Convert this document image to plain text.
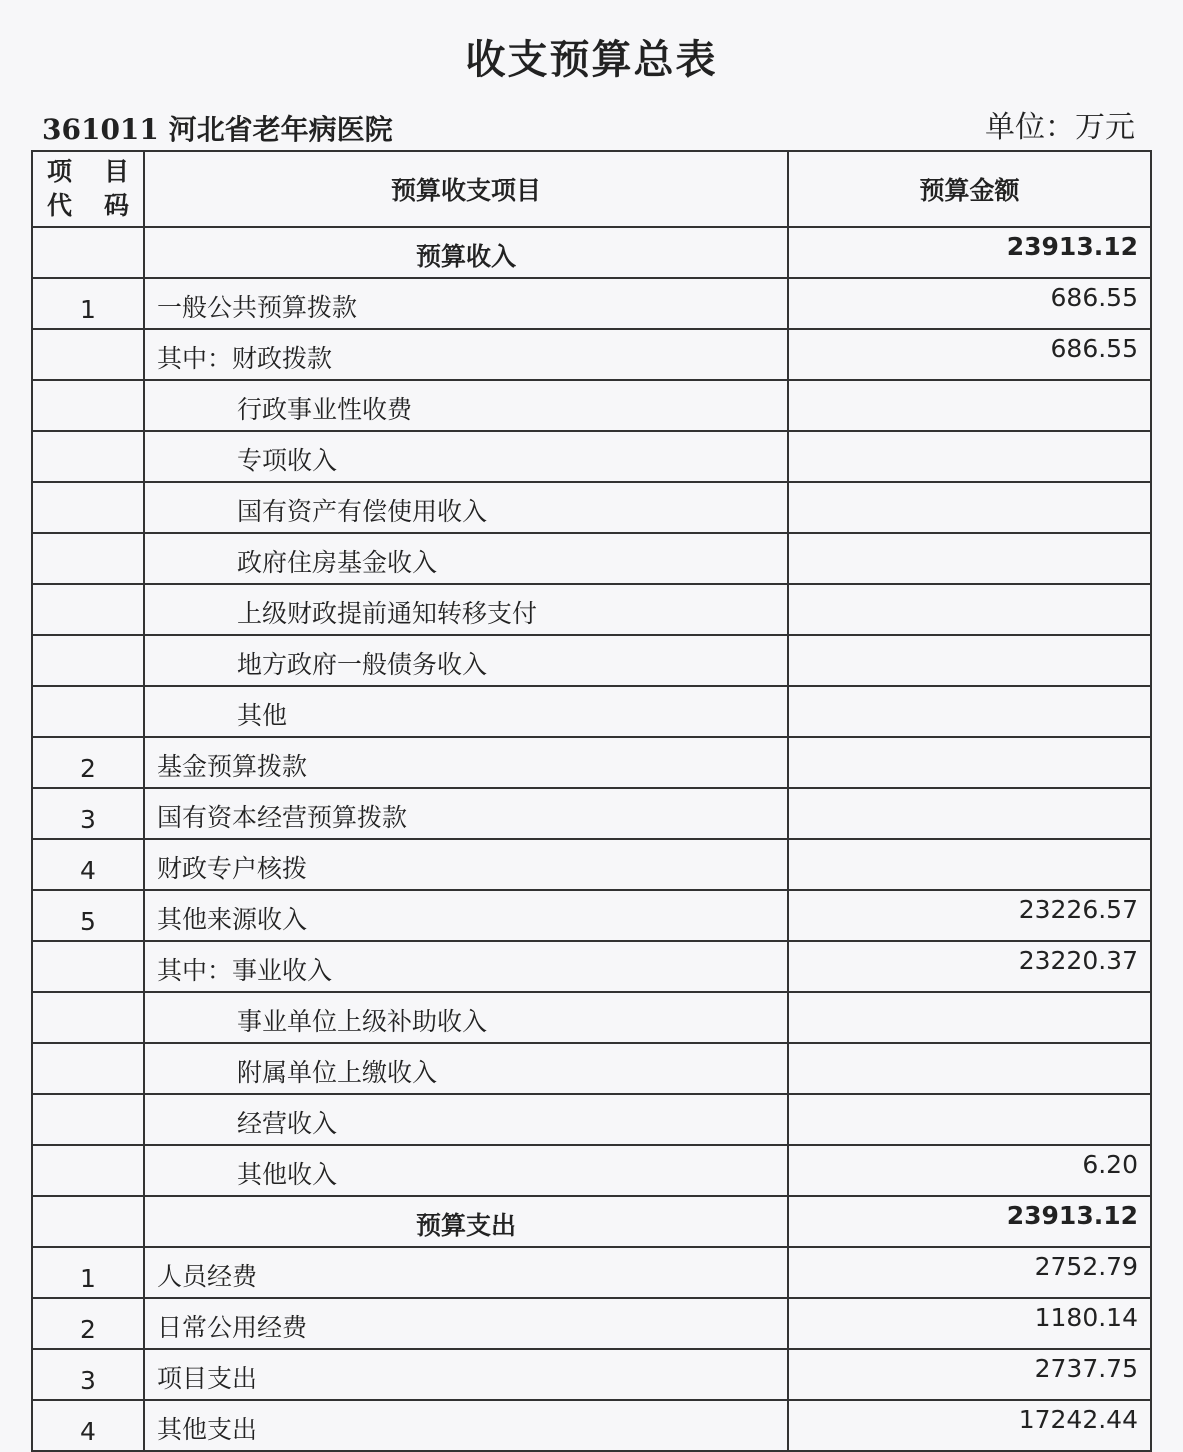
收支预算总表
361011 河北省老年病医院	单位：万元
项 目
代 码	预算收支项目	预算金额
	预算收入	23913.12
1	一般公共预算拨款	686.55
	其中：财政拨款	686.55
	行政事业性收费	
	专项收入	
	国有资产有偿使用收入	
	政府住房基金收入	
	上级财政提前通知转移支付	
	地方政府一般债务收入	
	其他	
2	基金预算拨款	
3	国有资本经营预算拨款	
4	财政专户核拨	
5	其他来源收入	23226.57
	其中：事业收入	23220.37
	事业单位上级补助收入	
	附属单位上缴收入	
	经营收入	
	其他收入	6.20
	预算支出	23913.12
1	人员经费	2752.79
2	日常公用经费	1180.14
3	项目支出	2737.75
4	其他支出	17242.44
